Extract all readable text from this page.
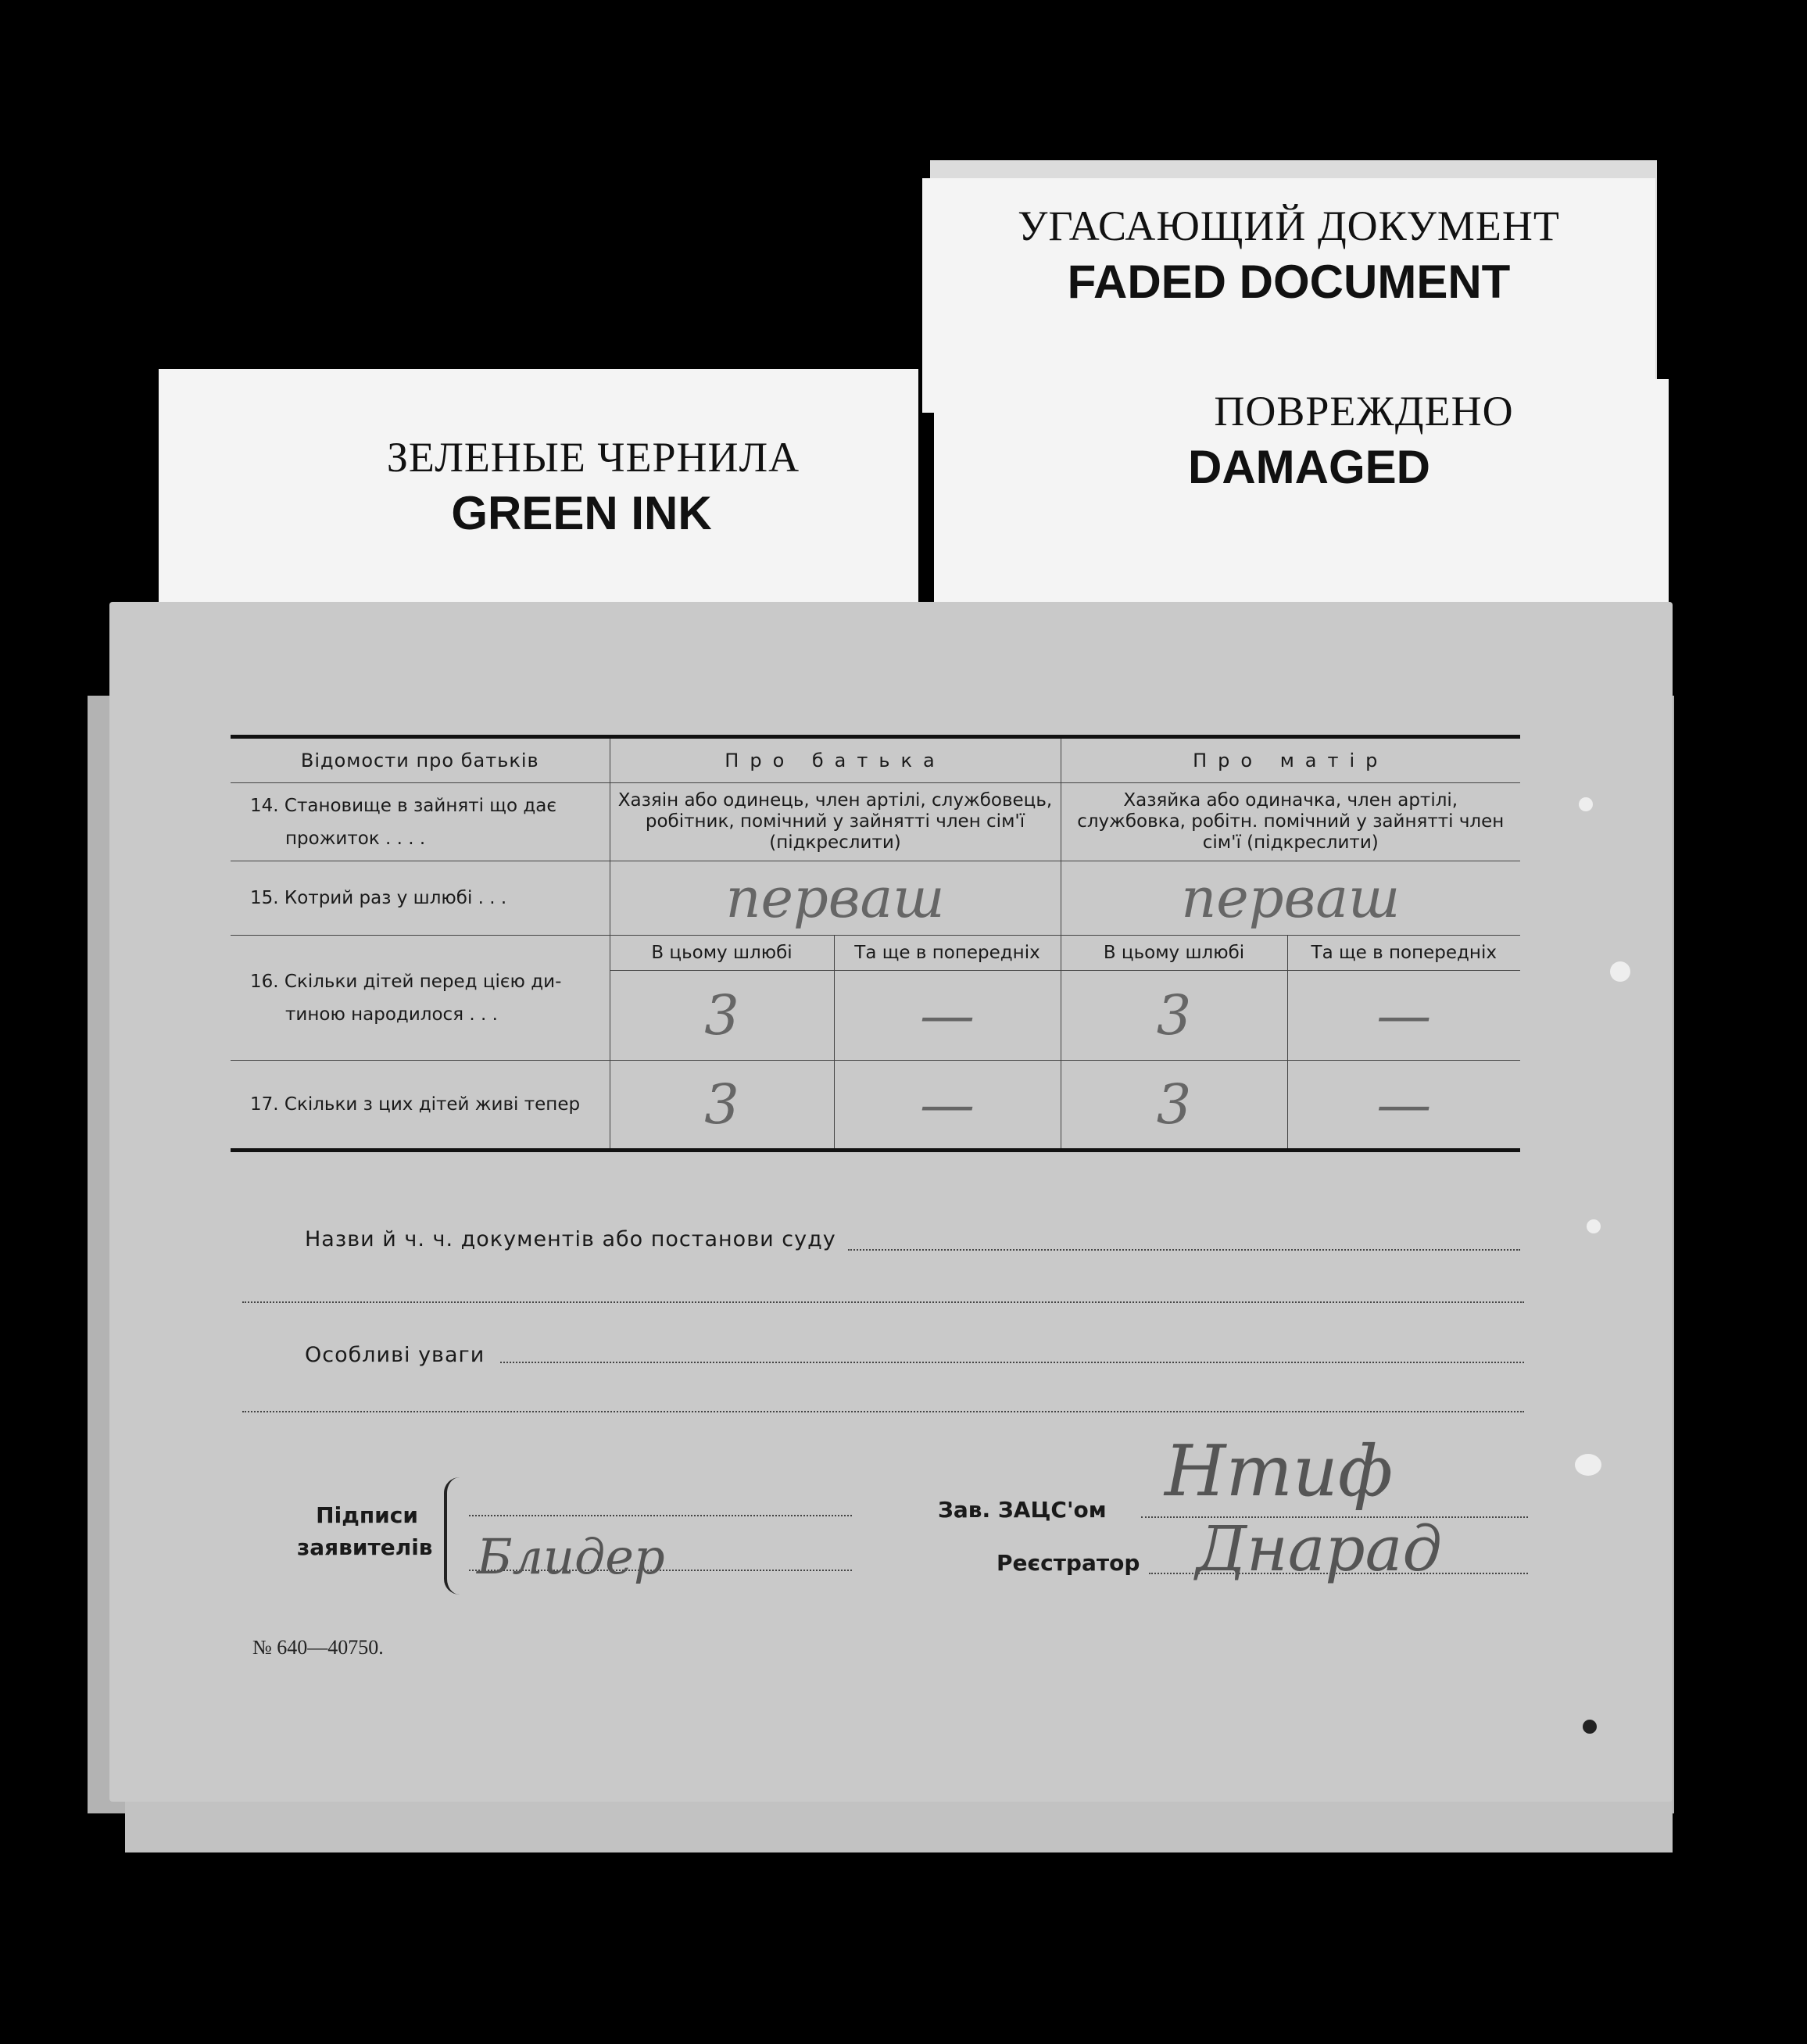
УГАСАЮЩИЙ ДОКУМЕНТ
FADED DOCUMENT
ПОВРЕЖДЕНО
DAMAGED
ЗЕЛЕНЫЕ ЧЕРНИЛА
GREEN INK
Відомости про батьків	Про батька		Про матір	

14. Становище в зайняті що дає
прожиток . . . .	Хазяін або одинець, член артілі, службовець, робітник, помічний у зайнятті член сім'ї (підкреслити)		Хазяйка або одиначка, член артілі, службовка, робітн. помічний у зайнятті член сім'ї (підкреслити)	
15. Котрий раз у шлюбі . . .	перваш		перваш	

16. Скільки дітей перед цією ди-
тиною народилося . . .	В цьому шлюбі	Та ще в попередніх	В цьому шлюбі	Та ще в попередніх
	3	—	3	—
17. Скільки з цих дітей живі тепер	3	—	3	—
Назви й ч. ч. документів або постанови суду
Особливі уваги
Підписи
заявителів Блидер
Зав. ЗАЦС'ом Нтиф
Реєстратор Днарад
№ 640—40750.
